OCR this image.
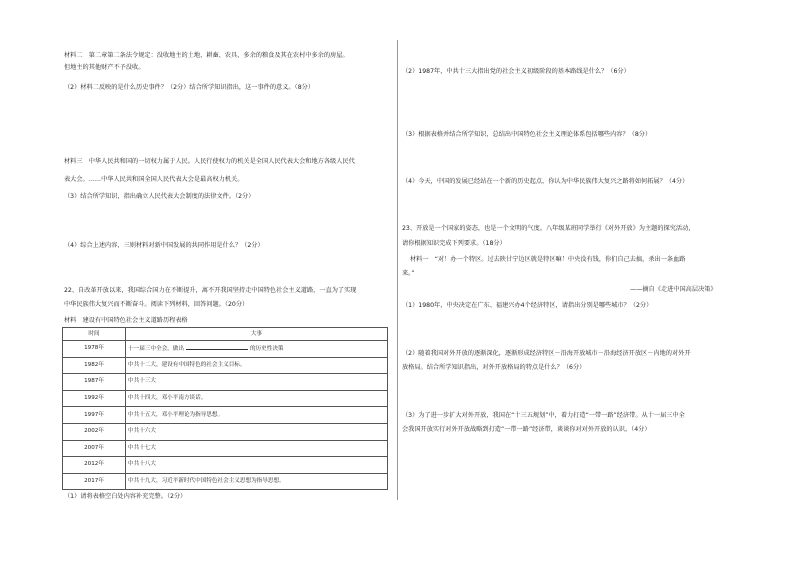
材料二　第二章第二条法令规定：没收地主的土地、耕畜、农具、多余的粮食及其在农村中多余的房屋。
但地主的其他财产不予没收。
（2）材料二反映的是什么历史事件？（2分）结合所学知识指出，这一事件的意义。（8分）
材料三　中华人民共和国的一切权力属于人民。人民行使权力的机关是全国人民代表大会和地方各级人民代
表大会。……中华人民共和国全国人民代表大会是最高权力机关。
（3）结合所学知识，指出确立人民代表大会制度的法律文件。（2分）
（4）综合上述内容，三则材料对新中国发展的共同作用是什么？（2分）
22、自改革开放以来，我国综合国力在不断提升，离不开我国坚持走中国特色社会主义道路，一直为了实现
中华民族伟大复兴而不断奋斗。阅读下列材料，回答问题。（20分）
材料　建设有中国特色社会主义道路历程表格
时间	大事
1978年	十一届三中全会，做出 的历史性决策
1982年	中共十二大，建设有中国特色的社会主义目标。
1987年	中共十三大
1992年	中共十四大，邓小平南方谈话。
1997年	中共十五大，邓小平理论为指导思想。
2002年	中共十六大
2007年	中共十七大
2012年	中共十八大
2017年	中共十九大，习近平新时代中国特色社会主义思想为指导思想。
（1）请将表格空白处内容补充完整。（2分）
（2）1987年，中共十三大指出党的社会主义初级阶段的基本路线是什么？（6分）
（3）根据表格并结合所学知识，总结出中国特色社会主义理论体系包括哪些内容？（8分）
（4）今天，中国的发展已经站在一个新的历史起点，你认为中华民族伟大复兴之路将如何拓展？（4分）
23、开放是一个国家的姿态，也是一个文明的气度。八年级某班同学举行《对外开放》为主题的探究活动，
请你根据知识完成下列要求。（18分）
材料一　“对！办一个特区。过去陕甘宁边区就是特区嘛！中央没有钱，你们自己去搞，杀出一条血路
来。”
——摘自《走进中国高层决策》
（1）1980年，中央决定在广东、福建兴办4个经济特区，请指出分别是哪些城市？（2分）
（2）随着我国对外开放的逐渐深化，逐渐形成经济特区－沿海开放城市－沿海经济开放区－内地的对外开
放格局。结合所学知识指出，对外开放格局的特点是什么？（6分）
（3）为了进一步扩大对外开放，我国在“十三五规划”中，着力打造“一带一路”经济带。从十一届三中全
会我国开放实行对外开放战略到打造“一带一路”经济带，谈谈你对对外开放的认识。（4分）
